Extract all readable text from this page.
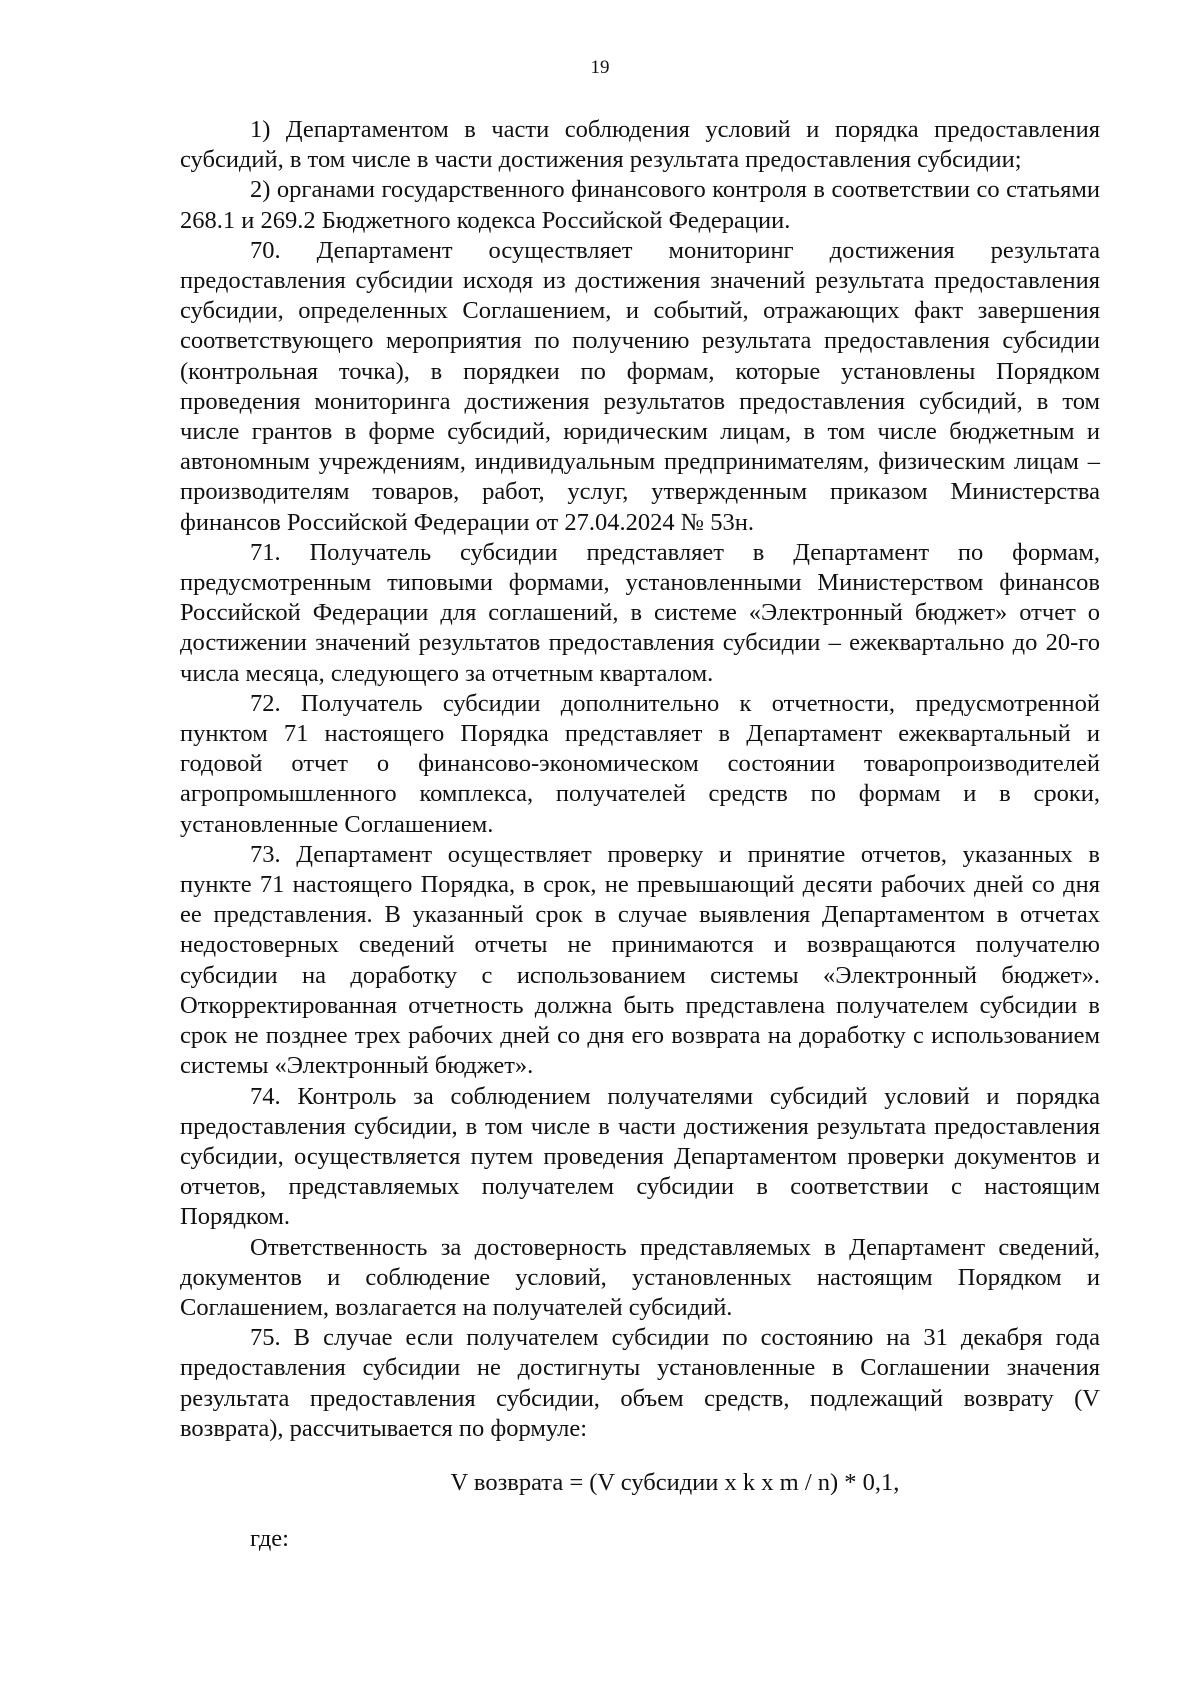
19

1) Департаментом в части соблюдения условий и порядка предоставления субсидий, в том числе в части достижения результата предоставления субсидии;

2) органами государственного финансового контроля в соответствии со статьями 268.1 и 269.2 Бюджетного кодекса Российской Федерации.

70. Департамент осуществляет мониторинг достижения результата предоставления субсидии исходя из достижения значений результата предоставления субсидии, определенных Соглашением, и событий, отражающих факт завершения соответствующего мероприятия по получению результата предоставления субсидии (контрольная точка), в порядкеи по формам, которые установлены Порядком проведения мониторинга достижения результатов предоставления субсидий, в том числе грантов в форме субсидий, юридическим лицам, в том числе бюджетным и автономным учреждениям, индивидуальным предпринимателям, физическим лицам – производителям товаров, работ, услуг, утвержденным приказом Министерства финансов Российской Федерации от 27.04.2024 № 53н.

71. Получатель субсидии представляет в Департамент по формам, предусмотренным типовыми формами, установленными Министерством финансов Российской Федерации для соглашений, в системе «Электронный бюджет» отчет о достижении значений результатов предоставления субсидии – ежеквартально до 20-го числа месяца, следующего за отчетным кварталом.

72. Получатель субсидии дополнительно к отчетности, предусмотренной пунктом 71 настоящего Порядка представляет в Департамент ежеквартальный и годовой отчет о финансово-экономическом состоянии товаропроизводителей агропромышленного комплекса, получателей средств по формам и в сроки, установленные Соглашением.

73. Департамент осуществляет проверку и принятие отчетов, указанных в пункте 71 настоящего Порядка, в срок, не превышающий десяти рабочих дней со дня ее представления. В указанный срок в случае выявления Департаментом в отчетах недостоверных сведений отчеты не принимаются и возвращаются получателю субсидии на доработку с использованием системы «Электронный бюджет». Откорректированная отчетность должна быть представлена получателем субсидии в срок не позднее трех рабочих дней со дня его возврата на доработку с использованием системы «Электронный бюджет».

74. Контроль за соблюдением получателями субсидий условий и порядка предоставления субсидии, в том числе в части достижения результата предоставления субсидии, осуществляется путем проведения Департаментом проверки документов и отчетов, представляемых получателем субсидии в соответствии с настоящим Порядком.

Ответственность за достоверность представляемых в Департамент сведений, документов и соблюдение условий, установленных настоящим Порядком и Соглашением, возлагается на получателей субсидий.

75. В случае если получателем субсидии по состоянию на 31 декабря года предоставления субсидии не достигнуты установленные в Соглашении значения результата предоставления субсидии, объем средств, подлежащий возврату (V возврата), рассчитывается по формуле:

V возврата = (V субсидии x k x m / n) * 0,1,

где:
